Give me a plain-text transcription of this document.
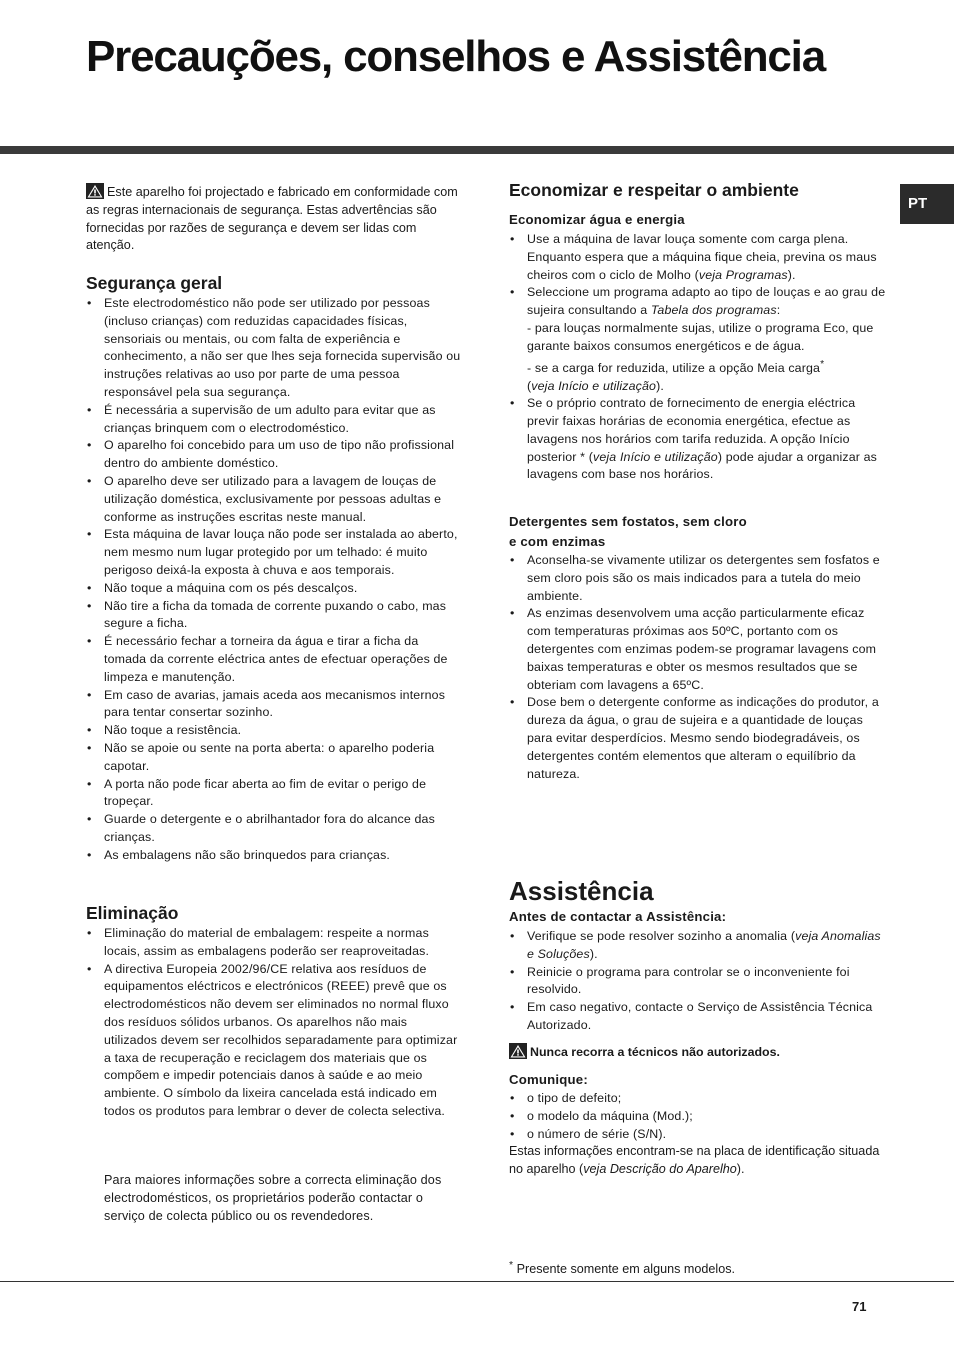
Precauções, conselhos e Assistência
PT

Este aparelho foi projectado e fabricado em conformidade com as regras internacionais de segurança. Estas advertências são fornecidas por razões de segurança e devem ser lidas com atenção.

Segurança geral
• Este electrodoméstico não pode ser utilizado por pessoas (incluso crianças) com reduzidas capacidades físicas, sensoriais ou mentais, ou com falta de experiência e conhecimento, a não ser que lhes seja fornecida supervisão ou instruções relativas ao uso por parte de uma pessoa responsável pela sua segurança.
• É necessária a supervisão de um adulto para evitar que as crianças brinquem com o electrodoméstico.
• O aparelho foi concebido para um uso de tipo não profissional dentro do ambiente doméstico.
• O aparelho deve ser utilizado para a lavagem de louças de utilização doméstica, exclusivamente por pessoas adultas e conforme as instruções escritas neste manual.
• Esta máquina de lavar louça não pode ser instalada ao aberto, nem mesmo num lugar protegido por um telhado: é muito perigoso deixá-la exposta à chuva e aos temporais.
• Não toque a máquina com os pés descalços.
• Não tire a ficha da tomada de corrente puxando o cabo, mas segure a ficha.
• É necessário fechar a torneira da água e tirar a ficha da tomada da corrente eléctrica antes de efectuar operações de limpeza e manutenção.
• Em caso de avarias, jamais aceda aos mecanismos internos para tentar consertar sozinho.
• Não toque a resistência.
• Não se apoie ou sente na porta aberta: o aparelho poderia capotar.
• A porta não pode ficar aberta ao fim de evitar o perigo de tropeçar.
• Guarde o detergente e o abrilhantador fora do alcance das crianças.
• As embalagens não são brinquedos para crianças.
Eliminação
• Eliminação do material de embalagem: respeite a normas locais, assim as embalagens poderão ser reaproveitadas.
• A directiva Europeia 2002/96/CE relativa aos resíduos de equipamentos eléctricos e electrónicos (REEE) prevê que os electrodomésticos não devem ser eliminados no normal fluxo dos resíduos sólidos urbanos. Os aparelhos não mais utilizados devem ser recolhidos separadamente para optimizar a taxa de recuperação e reciclagem dos materiais que os compõem e impedir potenciais danos à saúde e ao meio ambiente. O símbolo da lixeira cancelada está indicado em todos os produtos para lembrar o dever de colecta selectiva.

Para maiores informações sobre a correcta eliminação dos electrodomésticos, os proprietários poderão contactar o serviço de colecta público ou os revendedores.

Economizar e respeitar o ambiente
Economizar água e energia
• Use a máquina de lavar louça somente com carga plena. Enquanto espera que a máquina fique cheia, previna os maus cheiros com o ciclo de Molho (veja Programas).
• Seleccione um programa adapto ao tipo de louças e ao grau de sujeira consultando a Tabela dos programas:
- para louças normalmente sujas, utilize o programa Eco, que garante baixos consumos energéticos e de água.
- se a carga for reduzida, utilize a opção Meia carga*
(veja Início e utilização).
• Se o próprio contrato de fornecimento de energia eléctrica previr faixas horárias de economia energética, efectue as lavagens nos horários com tarifa reduzida. A opção Início posterior * (veja Início e utilização) pode ajudar a organizar as lavagens com base nos horários.
Detergentes sem fostatos, sem cloro
e com enzimas
• Aconselha-se vivamente utilizar os detergentes sem fosfatos e sem cloro pois são os mais indicados para a tutela do meio ambiente.
• As enzimas desenvolvem uma acção particularmente eficaz com temperaturas próximas aos 50ºC, portanto com os detergentes com enzimas podem-se programar lavagens com baixas temperaturas e obter os mesmos resultados que se obteriam com lavagens a 65ºC.
• Dose bem o detergente conforme as indicações do produtor, a dureza da água, o grau de sujeira e a quantidade de louças para evitar desperdícios. Mesmo sendo biodegradáveis, os detergentes contém elementos que alteram o equilíbrio da natureza.
Assistência
Antes de contactar a Assistência:
• Verifique se pode resolver sozinho a anomalia (veja Anomalias e Soluções).
• Reinicie o programa para controlar se o inconveniente foi resolvido.
• Em caso negativo, contacte o Serviço de Assistência Técnica Autorizado.

Nunca recorra a técnicos não autorizados.

Comunique:
• o tipo de defeito;
• o modelo da máquina (Mod.);
• o número de série (S/N).

Estas informações encontram-se na placa de identificação situada no aparelho (veja Descrição do Aparelho).

* Presente somente em alguns modelos.
71
